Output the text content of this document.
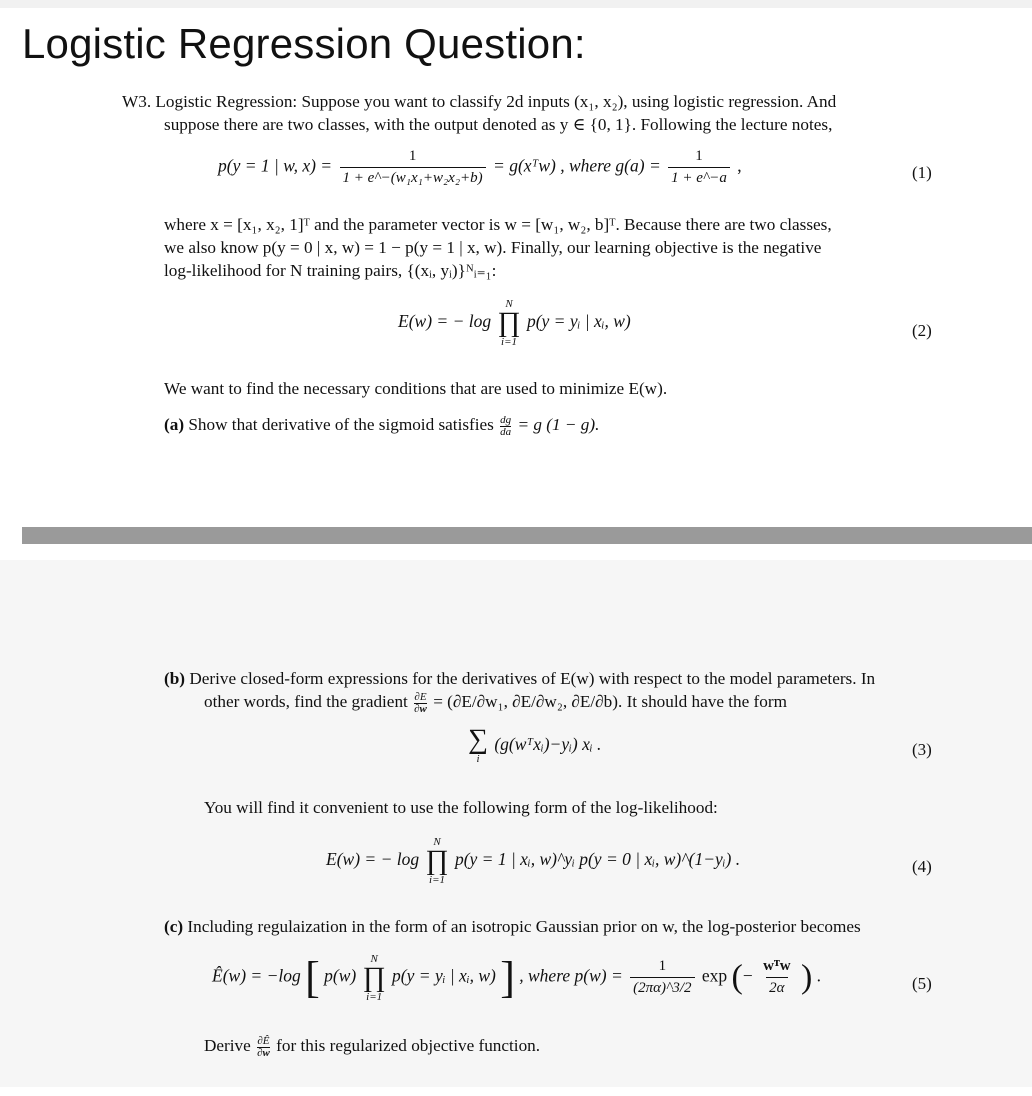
Logistic Regression Question:
W3. Logistic Regression: Suppose you want to classify 2d inputs (x₁, x₂), using logistic regression. And
suppose there are two classes, with the output denoted as y ∈ {0, 1}. Following the lecture notes,
p(y = 1 | w, $x) = \frac{1}{\text{1 + e\textasciicircum{}−(w₁x₁+w₂x₂+b)}}$ = g(xᵀw) , where $g(a) = \frac{1}{1 + e\^{}-a}$ ,	(1)
where x = [x₁, x₂, 1]ᵀ and the parameter vector is w = [w₁, w₂, b]ᵀ. Because there are two classes,
we also know p(y = 0 | x, w) = 1 − p(y = 1 | x, w). Finally, our learning objective is the negative
log-likelihood for N training pairs, {(xᵢ, yᵢ)}ᴺᵢ₌₁:
E(w) = − log
N
∏
i=1
p(y = yᵢ | xᵢ, w)	(2)
We want to find the necessary conditions that are used to minimize E(w).
(a) Show that derivative of the sigmoid satisfies $\frac{dg}{da} = g$ (1 − g).
(b) Derive closed-form expressions for the derivatives of E(w) with respect to the model parameters. In
other words, find the gradient $\frac{\partial E}{\partial w} = (\partial E/\partial w_1$, ∂E/∂w₂, ∂E/∂b). It should have the form
∑
i
(g(wᵀxᵢ)−yᵢ) xᵢ .	(3)
You will find it convenient to use the following form of the log-likelihood:
E(w) = − log
N
∏
i=1
p(y = 1 | xᵢ, w)^yᵢ p(y = 0 | xᵢ, w)^(1−yᵢ) .	(4)
(c) Including regulaization in the form of an isotropic Gaussian prior on w, the log-posterior becomes
Ê(w) = −log [ p(w)
N
∏
i=1
p(y = yᵢ | xᵢ, w) ] , where $p(w) = \frac{1}{(2\pi\alpha)\^{}3/2}$ exp (− $\frac{\text{wᵀw}}{2\alpha}$ ) .	(5)
Derive $\frac{\partial Ê}{\partial w}$ for this regularized objective function.
